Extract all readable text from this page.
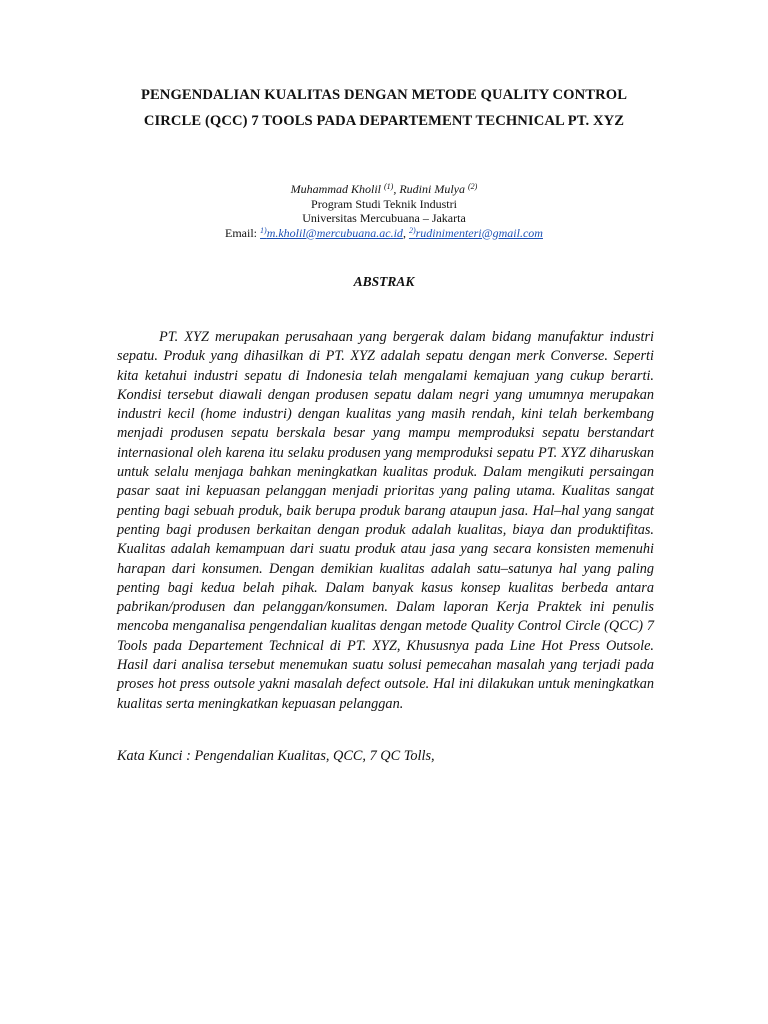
PENGENDALIAN KUALITAS DENGAN METODE QUALITY CONTROL
CIRCLE (QCC) 7 TOOLS PADA DEPARTEMENT TECHNICAL PT. XYZ
Muhammad Kholil $^{(1)}$, Rudini Mulya $^{(2)}$
Program Studi Teknik Industri
Universitas Mercubuana – Jakarta
Email: $^{1)}$m.kholil@mercubuana.ac.id, $^{2)}$rudinimenteri@gmail.com
ABSTRAK

PT. XYZ merupakan perusahaan yang bergerak dalam bidang manufaktur industri sepatu. Produk yang dihasilkan di PT. XYZ adalah sepatu dengan merk Converse. Seperti kita ketahui industri sepatu di Indonesia telah mengalami kemajuan yang cukup berarti. Kondisi tersebut diawali dengan produsen sepatu dalam negri yang umumnya merupakan industri kecil (home industri) dengan kualitas yang masih rendah, kini telah berkembang menjadi produsen sepatu berskala besar yang mampu memproduksi sepatu berstandart internasional oleh karena itu selaku produsen yang memproduksi sepatu PT. XYZ diharuskan untuk selalu menjaga bahkan meningkatkan kualitas produk. Dalam mengikuti persaingan pasar saat ini kepuasan pelanggan menjadi prioritas yang paling utama. Kualitas sangat penting bagi sebuah produk, baik berupa produk barang ataupun jasa. Hal–hal yang sangat penting bagi produsen berkaitan dengan produk adalah kualitas, biaya dan produktifitas. Kualitas adalah kemampuan dari suatu produk atau jasa yang secara konsisten memenuhi harapan dari konsumen. Dengan demikian kualitas adalah satu–satunya hal yang paling penting bagi kedua belah pihak. Dalam banyak kasus konsep kualitas berbeda antara pabrikan/produsen dan pelanggan/konsumen. Dalam laporan Kerja Praktek ini penulis mencoba menganalisa pengendalian kualitas dengan metode Quality Control Circle (QCC) 7 Tools pada Departement Technical di PT. XYZ, Khususnya pada Line Hot Press Outsole. Hasil dari analisa tersebut menemukan suatu solusi pemecahan masalah yang terjadi pada proses hot press outsole yakni masalah defect outsole. Hal ini dilakukan untuk meningkatkan kualitas serta meningkatkan kepuasan pelanggan.

Kata Kunci : Pengendalian Kualitas, QCC, 7 QC Tolls,
